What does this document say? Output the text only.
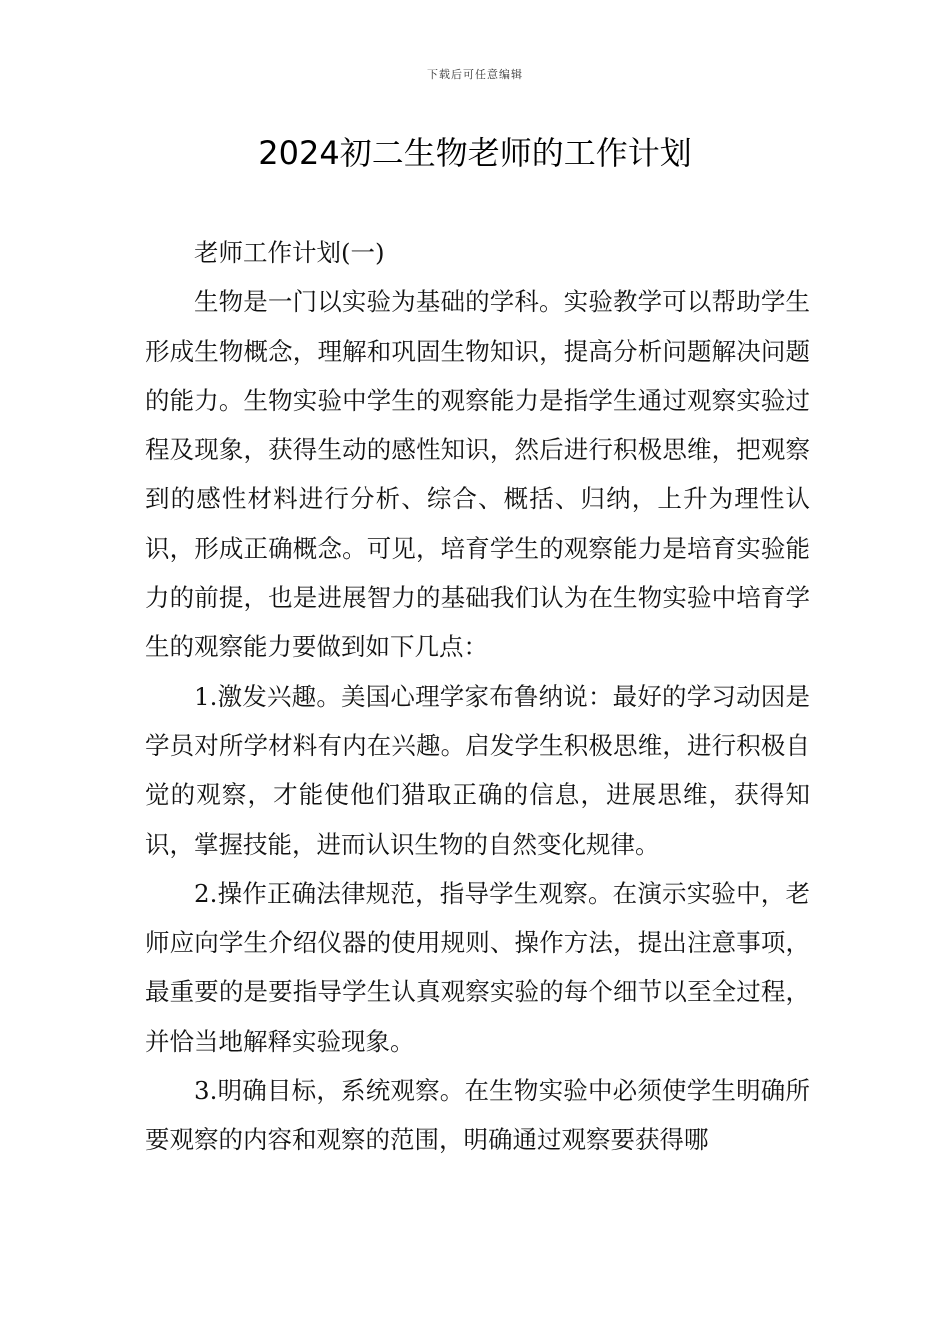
下载后可任意编辑
2024初二生物老师的工作计划

老师工作计划(一)

生物是一门以实验为基础的学科。实验教学可以帮助学生形成生物概念，理解和巩固生物知识，提高分析问题解决问题的能力。生物实验中学生的观察能力是指学生通过观察实验过程及现象，获得生动的感性知识，然后进行积极思维，把观察到的感性材料进行分析、综合、概括、归纳，上升为理性认识，形成正确概念。可见，培育学生的观察能力是培育实验能力的前提，也是进展智力的基础我们认为在生物实验中培育学生的观察能力要做到如下几点：

1.激发兴趣。美国心理学家布鲁纳说：最好的学习动因是学员对所学材料有内在兴趣。启发学生积极思维，进行积极自觉的观察，才能使他们猎取正确的信息，进展思维，获得知识，掌握技能，进而认识生物的自然变化规律。

2.操作正确法律规范，指导学生观察。在演示实验中，老师应向学生介绍仪器的使用规则、操作方法，提出注意事项，最重要的是要指导学生认真观察实验的每个细节以至全过程，并恰当地解释实验现象。

3.明确目标，系统观察。在生物实验中必须使学生明确所要观察的内容和观察的范围，明确通过观察要获得哪
